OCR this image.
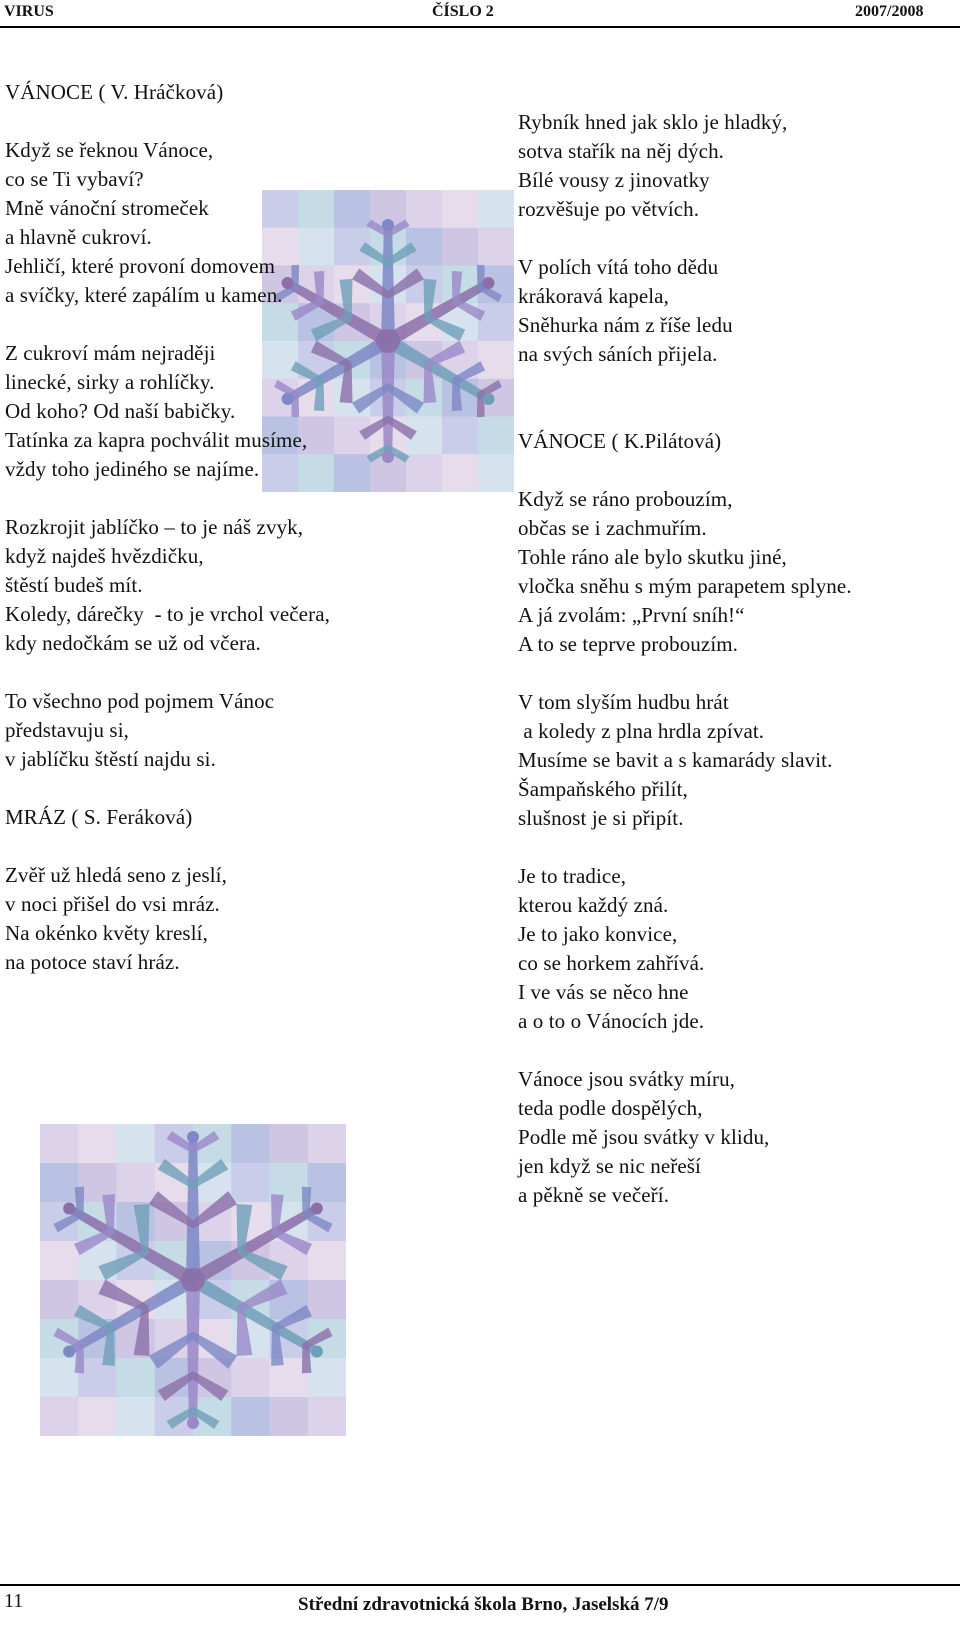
VIRUS	ČÍSLO 2	2007/2008
VÁNOCE ( V. Hráčková)
Když se řeknou Vánoce,
co se Ti vybaví?
Mně vánoční stromeček
a hlavně cukroví.
Jehličí, které provoní domovem
a svíčky, které zapálím u kamen.
Z cukroví mám nejraději
linecké, sirky a rohlíčky.
Od koho? Od naší babičky.
Tatínka za kapra pochválit musíme,
vždy toho jediného se najíme.
Rozkrojit jablíčko – to je náš zvyk,
když najdeš hvězdičku,
štěstí budeš mít.
Koledy, dárečky  - to je vrchol večera,
kdy nedočkám se už od včera.
To všechno pod pojmem Vánoc
představuju si,
v jablíčku štěstí najdu si.
MRÁZ ( S. Feráková)
Zvěř už hledá seno z jeslí,
v noci přišel do vsi mráz.
Na okénko květy kreslí,
na potoce staví hráz.
Rybník hned jak sklo je hladký,
sotva stařík na něj dých.
Bílé vousy z jinovatky
rozvěšuje po větvích.
V polích vítá toho dědu
krákoravá kapela,
Sněhurka nám z říše ledu
na svých sáních přijela.
VÁNOCE ( K.Pilátová)
Když se ráno probouzím,
občas se i zachmuřím.
Tohle ráno ale bylo skutku jiné,
vločka sněhu s mým parapetem splyne.
A já zvolám: „První sníh!“
A to se teprve probouzím.
V tom slyším hudbu hrát
a koledy z plna hrdla zpívat.
Musíme se bavit a s kamarády slavit.
Šampaňského přilít,
slušnost je si připít.
Je to tradice,
kterou každý zná.
Je to jako konvice,
co se horkem zahřívá.
I ve vás se něco hne
a o to o Vánocích jde.
Vánoce jsou svátky míru,
teda podle dospělých,
Podle mě jsou svátky v klidu,
jen když se nic neřeší
a pěkně se večeří.
11	Střední zdravotnická škola Brno, Jaselská 7/9
